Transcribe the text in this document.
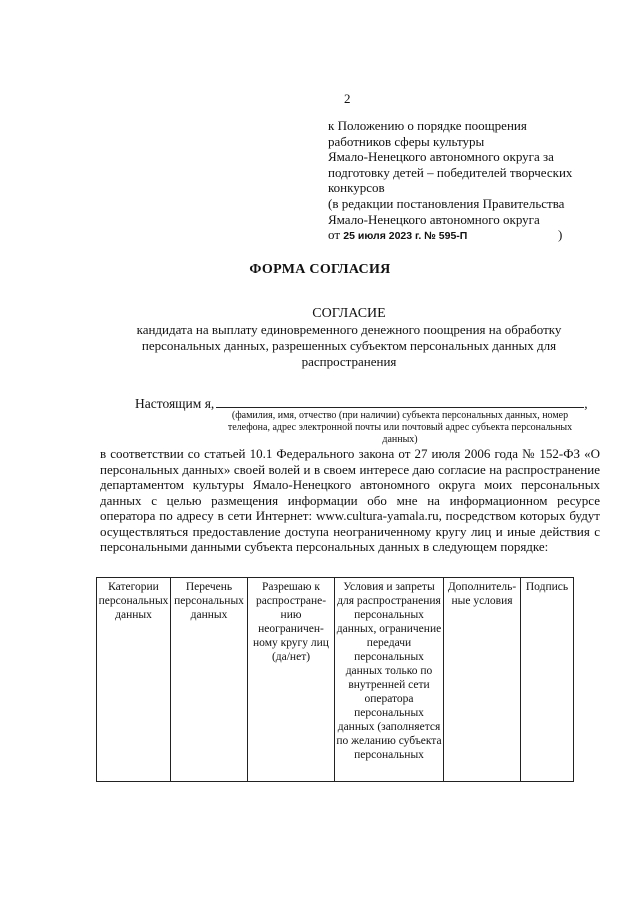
2
к Положению о порядке поощрения
работников сферы культуры
Ямало-Ненецкого автономного округа за
подготовку детей – победителей творческих
конкурсов
(в редакции постановления Правительства
Ямало-Ненецкого автономного округа
от 25 июля 2023 г. № 595-П	)
ФОРМА СОГЛАСИЯ
СОГЛАСИЕ
кандидата на выплату единовременного денежного поощрения на обработку персональных данных, разрешенных субъектом персональных данных для распространения
Настоящим я,	,
(фамилия, имя, отчество (при наличии) субъекта персональных данных, номер телефона, адрес электронной почты или почтовый адрес субъекта персональных данных)

в соответствии со статьей 10.1 Федерального закона от 27 июля 2006 года № 152-ФЗ «О персональных данных» своей волей и в своем интересе даю согласие на распространение департаментом культуры Ямало-Ненецкого автономного округа моих персональных данных с целью размещения информации обо мне на информационном ресурсе оператора по адресу в сети Интернет: www.cultura-yamala.ru, посредством которых будут осуществляться предоставление доступа неограниченному кругу лиц и иные действия с персональными данными субъекта персональных данных в следующем порядке:

Категории персональных данных	Перечень персональных данных	Разрешаю к распростране-нию неограничен-ному кругу лиц (да/нет)	Условия и запреты для распространения персональных данных, ограничение передачи персональных данных только по внутренней сети оператора персональных данных (заполняется по желанию субъекта персональных	Дополнитель-ные условия	Подпись
